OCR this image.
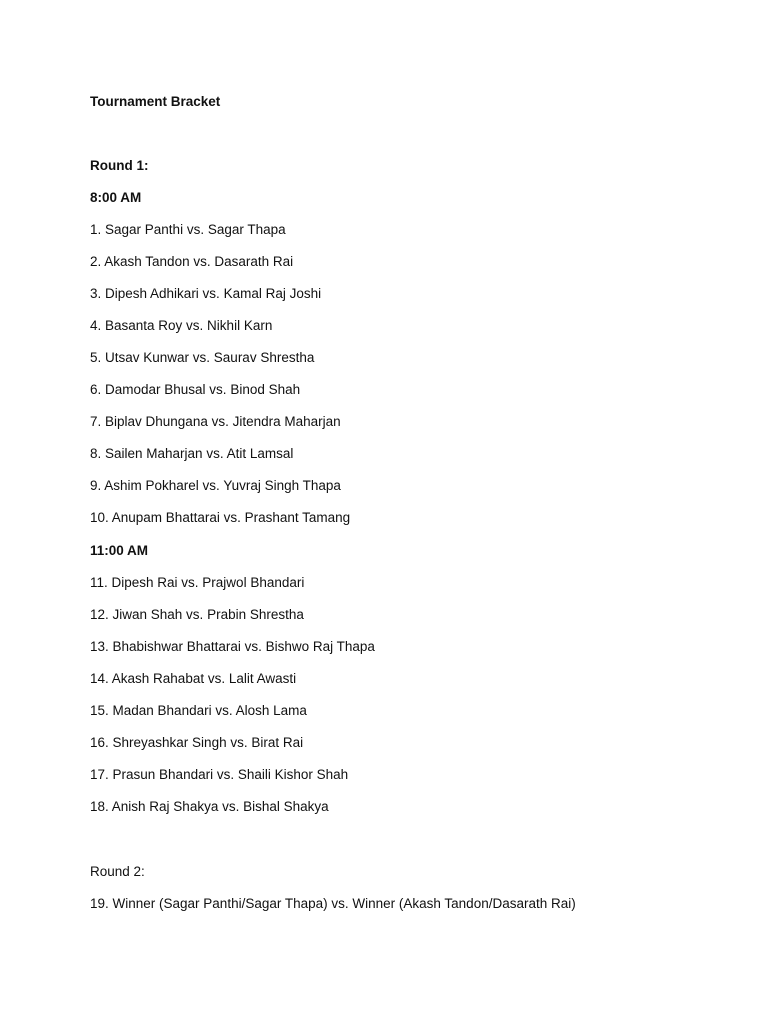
Tournament Bracket

Round 1:

8:00 AM

1. Sagar Panthi vs. Sagar Thapa
2. Akash Tandon vs. Dasarath Rai
3. Dipesh Adhikari vs. Kamal Raj Joshi
4. Basanta Roy vs. Nikhil Karn
5. Utsav Kunwar vs. Saurav Shrestha
6. Damodar Bhusal vs. Binod Shah
7. Biplav Dhungana vs. Jitendra Maharjan
8. Sailen Maharjan vs. Atit Lamsal
9. Ashim Pokharel vs. Yuvraj Singh Thapa
10. Anupam Bhattarai vs. Prashant Tamang

11:00 AM

11. Dipesh Rai vs. Prajwol Bhandari
12. Jiwan Shah vs. Prabin Shrestha
13. Bhabishwar Bhattarai vs. Bishwo Raj Thapa
14. Akash Rahabat vs. Lalit Awasti
15. Madan Bhandari vs. Alosh Lama
16. Shreyashkar Singh vs. Birat Rai
17. Prasun Bhandari vs. Shaili Kishor Shah
18. Anish Raj Shakya vs. Bishal Shakya

Round 2:

19. Winner (Sagar Panthi/Sagar Thapa) vs. Winner (Akash Tandon/Dasarath Rai)
